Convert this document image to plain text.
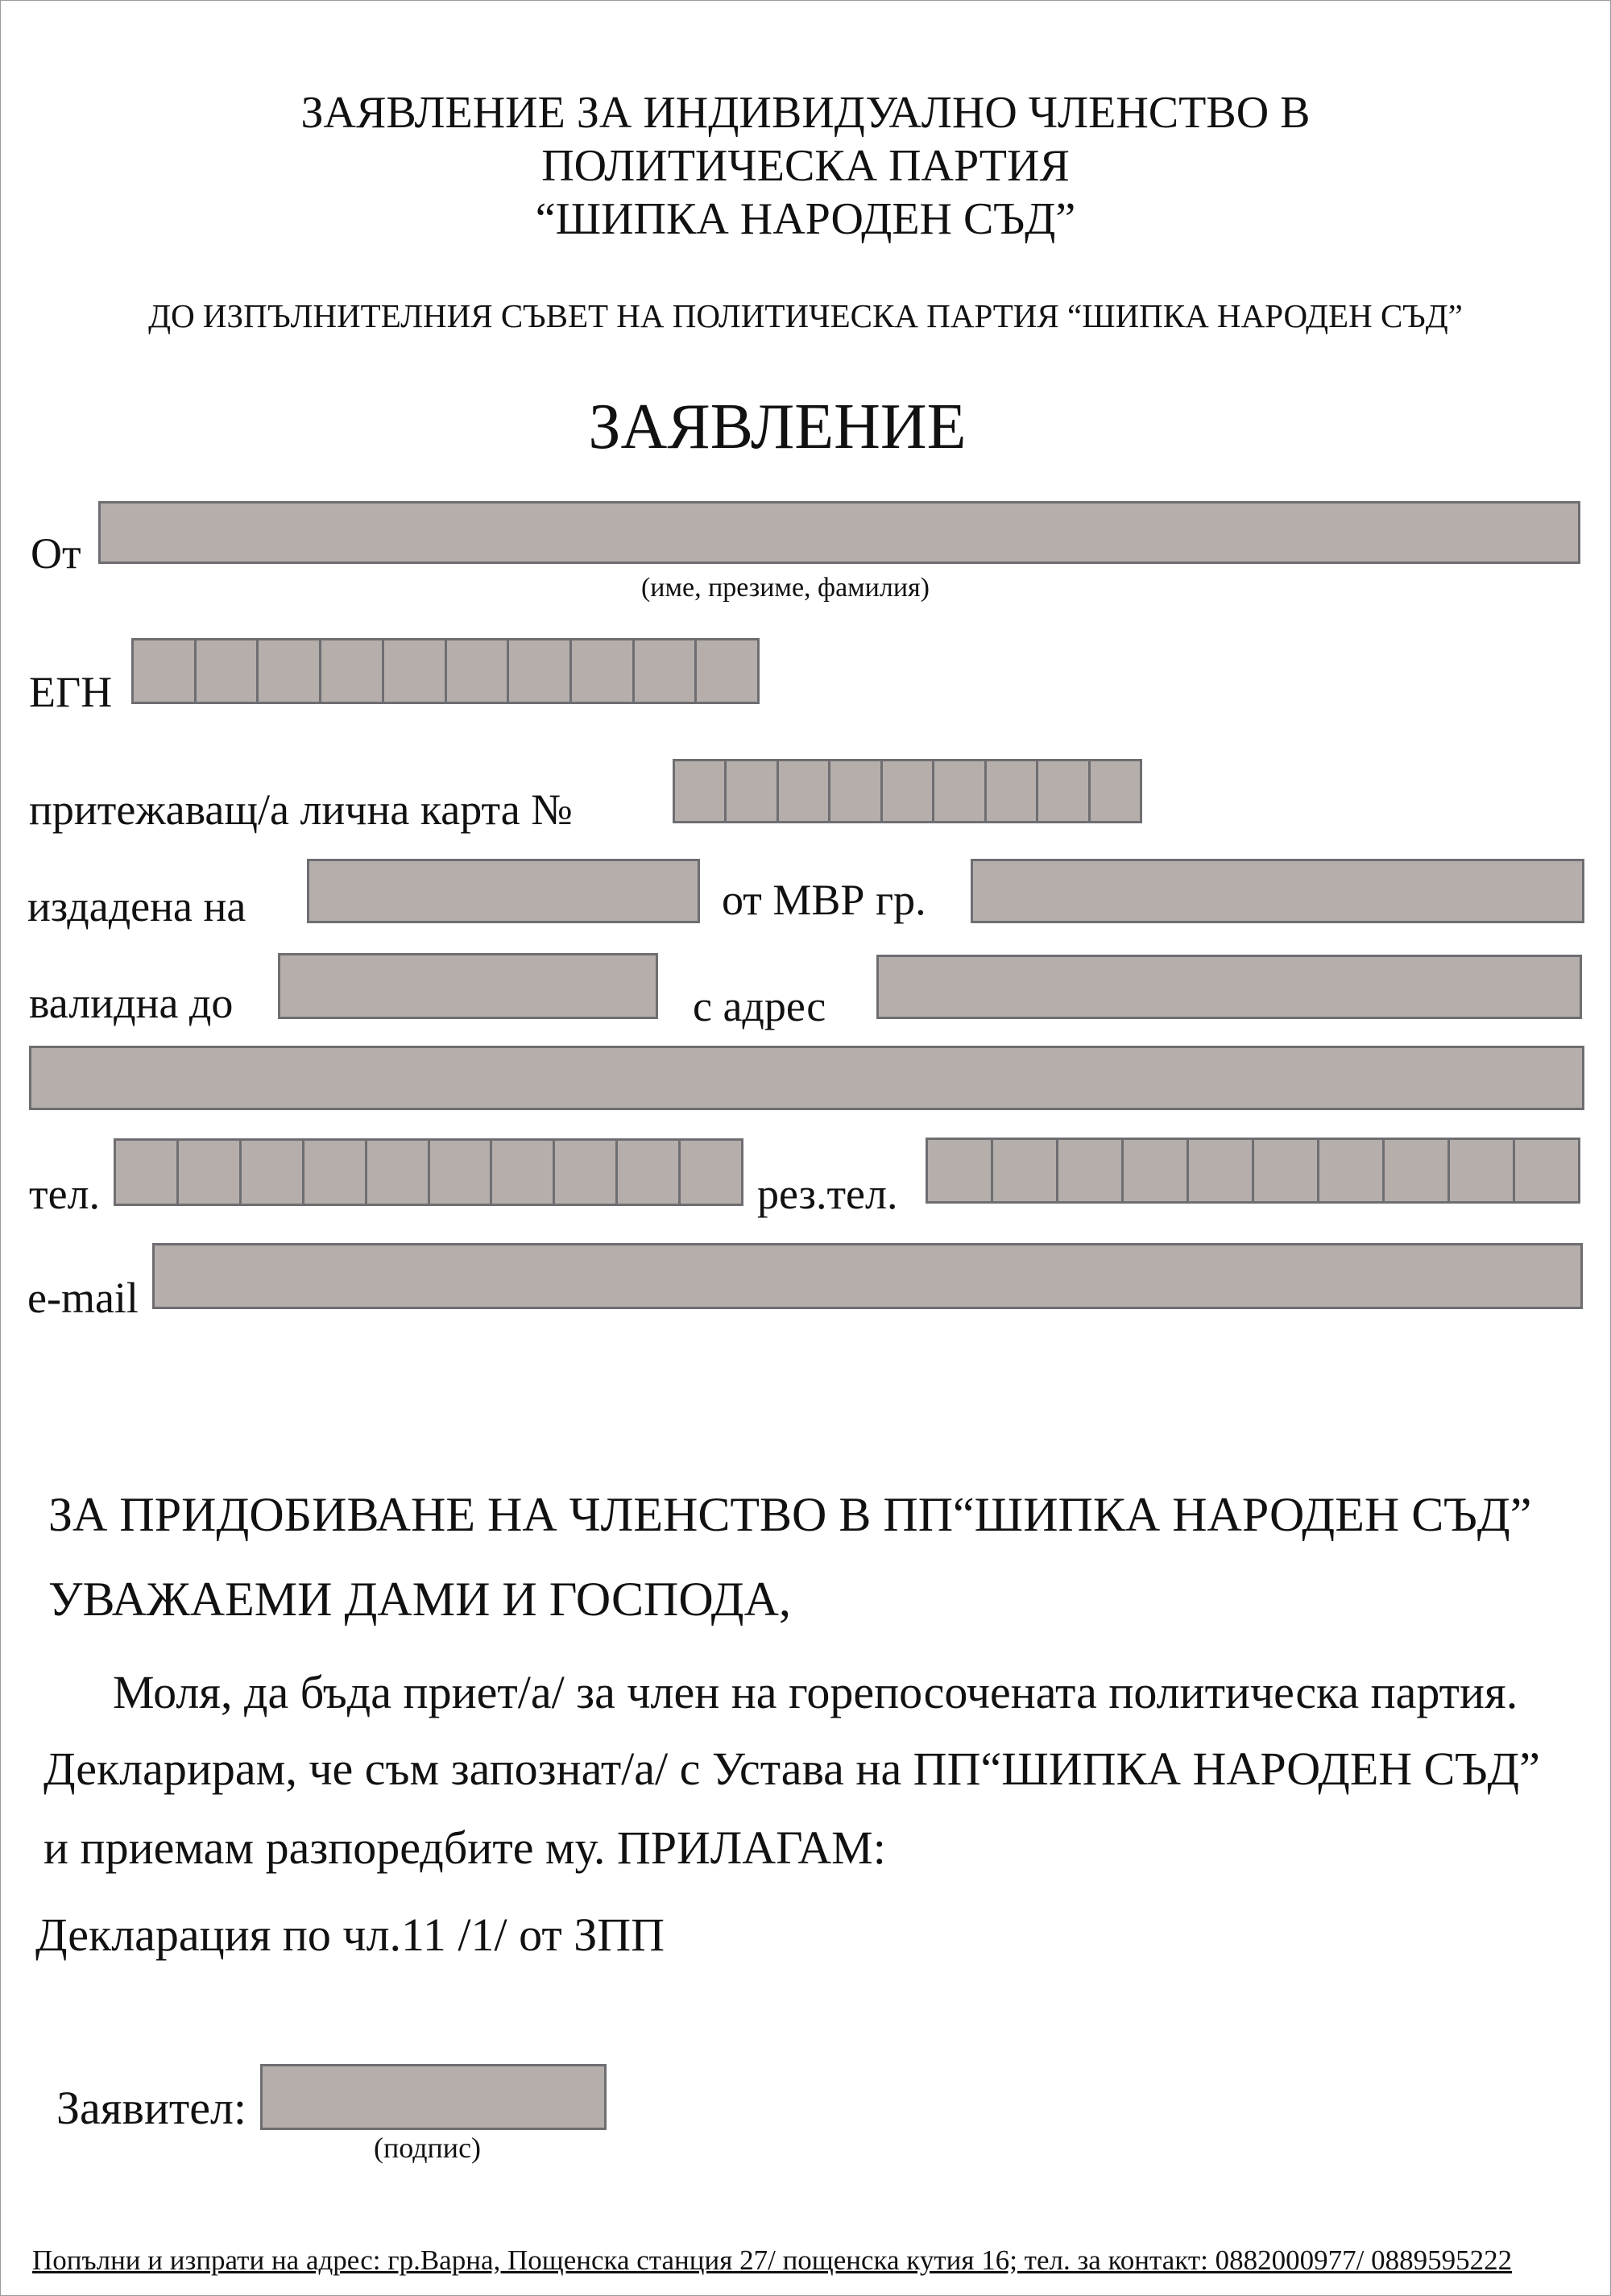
ЗАЯВЛЕНИЕ ЗА ИНДИВИДУАЛНО ЧЛЕНСТВО В
ПОЛИТИЧЕСКА ПАРТИЯ
“ШИПКА НАРОДЕН СЪД”
ДО ИЗПЪЛНИТЕЛНИЯ СЪВЕТ НА ПОЛИТИЧЕСКА ПАРТИЯ “ШИПКА НАРОДЕН СЪД”
ЗАЯВЛЕНИЕ
От
(име, презиме, фамилия)
ЕГН
притежаващ/а лична карта №
издадена на	от МВР гр.
валидна до	с адрес
тел.	рез.тел.
e-mail
ЗА ПРИДОБИВАНЕ НА ЧЛЕНСТВО В ПП“ШИПКА НАРОДЕН СЪД”
УВАЖАЕМИ ДАМИ И ГОСПОДА,
Моля, да бъда приет/а/ за член на горепосочената политическа партия.
Декларирам, че съм запознат/а/ с Устава на ПП“ШИПКА НАРОДЕН СЪД”
и приемам разпоредбите му. ПРИЛАГАМ:
Декларация по чл.11 /1/ от ЗПП
Заявител:
(подпис)
Попълни и изпрати на адрес: гр.Варна, Пощенска станция 27/ пощенска кутия 16; тел. за контакт: 0882000977/ 0889595222
